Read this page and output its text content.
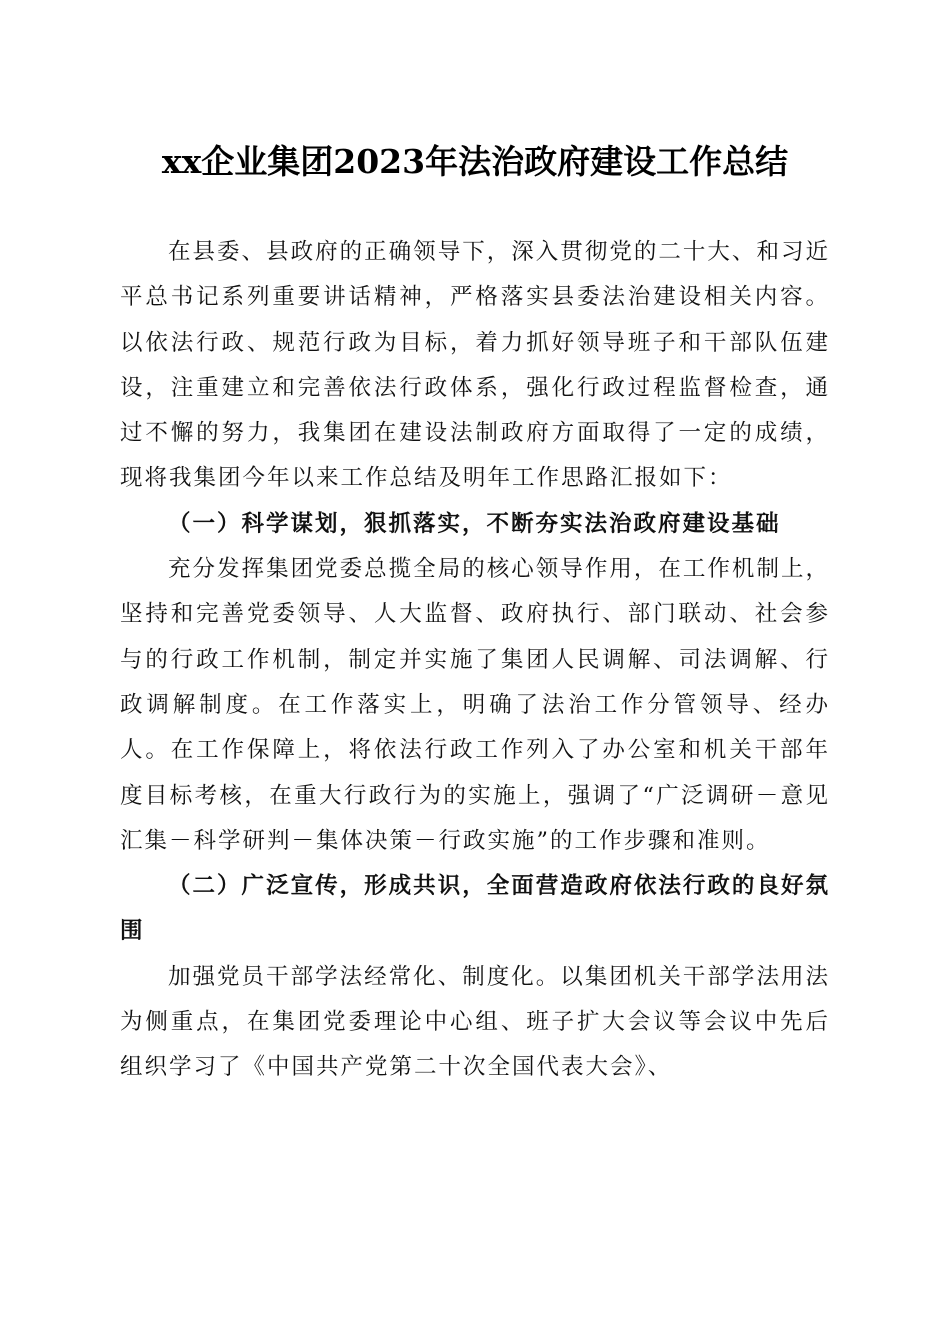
xx企业集团2023年法治政府建设工作总结

在县委、县政府的正确领导下，深入贯彻党的二十大、和习近平总书记系列重要讲话精神，严格落实县委法治建设相关内容。以依法行政、规范行政为目标，着力抓好领导班子和干部队伍建设，注重建立和完善依法行政体系，强化行政过程监督检查，通过不懈的努力，我集团在建设法制政府方面取得了一定的成绩，现将我集团今年以来工作总结及明年工作思路汇报如下：

（一）科学谋划，狠抓落实，不断夯实法治政府建设基础

充分发挥集团党委总揽全局的核心领导作用，在工作机制上，坚持和完善党委领导、人大监督、政府执行、部门联动、社会参与的行政工作机制，制定并实施了集团人民调解、司法调解、行政调解制度。在工作落实上，明确了法治工作分管领导、经办人。在工作保障上，将依法行政工作列入了办公室和机关干部年度目标考核，在重大行政行为的实施上，强调了“广泛调研－意见汇集－科学研判－集体决策－行政实施”的工作步骤和准则。

（二）广泛宣传，形成共识，全面营造政府依法行政的良好氛围

加强党员干部学法经常化、制度化。以集团机关干部学法用法为侧重点，在集团党委理论中心组、班子扩大会议等会议中先后组织学习了《中国共产党第二十次全国代表大会》、
